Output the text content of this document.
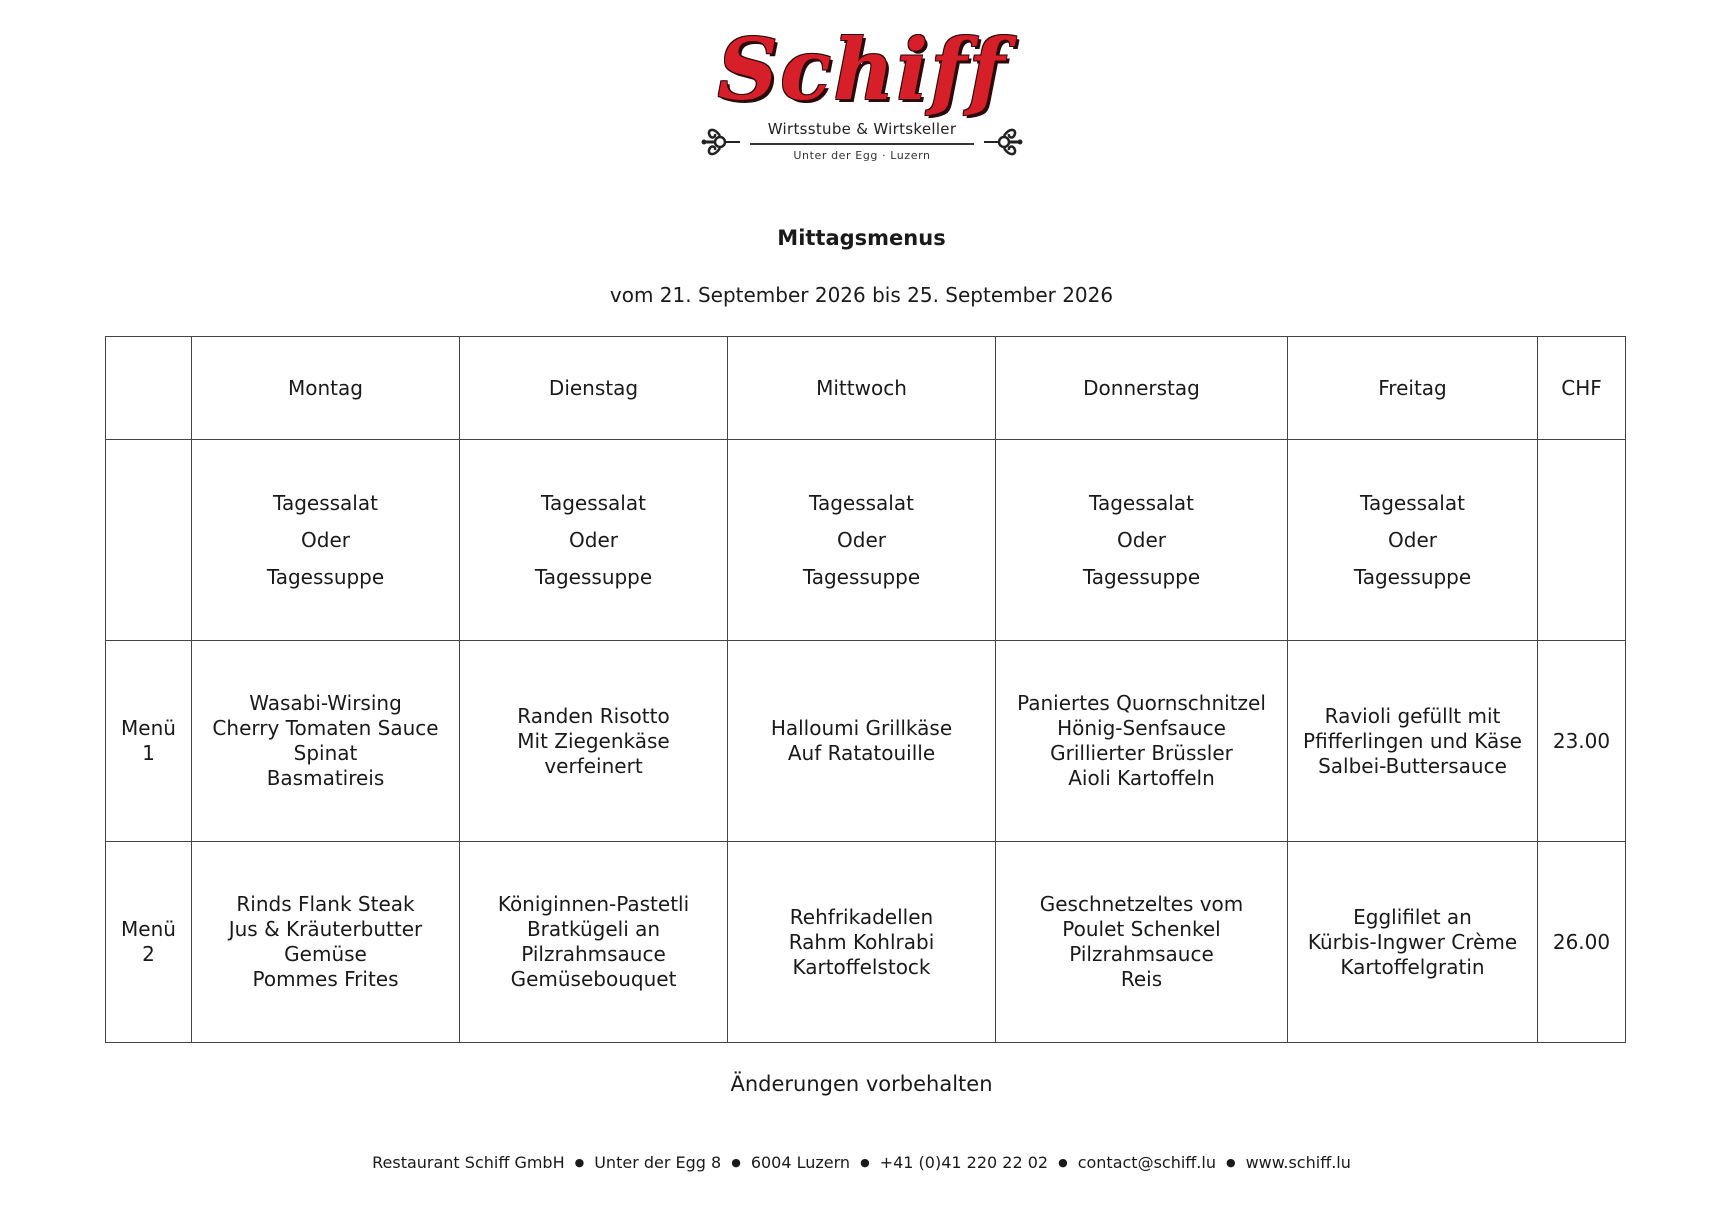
Schiff
Wirtsstube & Wirtskeller
Unter der Egg · Luzern
Mittagsmenus
vom 21. September 2026 bis 25. September 2026
	Montag	Dienstag	Mittwoch	Donnerstag	Freitag	CHF

	Tagessalat
Oder
Tagessuppe	Tagessalat
Oder
Tagessuppe	Tagessalat
Oder
Tagessuppe	Tagessalat
Oder
Tagessuppe	Tagessalat
Oder
Tagessuppe	

Menü
1	Wasabi-Wirsing
Cherry Tomaten Sauce
Spinat
Basmatireis	Randen Risotto
Mit Ziegenkäse
verfeinert	Halloumi Grillkäse
Auf Ratatouille	Paniertes Quornschnitzel
Hönig-Senfsauce
Grillierter Brüssler
Aioli Kartoffeln	Ravioli gefüllt mit
Pfifferlingen und Käse
Salbei-Buttersauce	23.00

Menü
2	Rinds Flank Steak
Jus & Kräuterbutter
Gemüse
Pommes Frites	Königinnen-Pastetli
Bratkügeli an
Pilzrahmsauce
Gemüsebouquet	Rehfrikadellen
Rahm Kohlrabi
Kartoffelstock	Geschnetzeltes vom
Poulet Schenkel
Pilzrahmsauce
Reis	Egglifilet an
Kürbis-Ingwer Crème
Kartoffelgratin	26.00
Änderungen vorbehalten
Restaurant Schiff GmbH ● Unter der Egg 8 ● 6004 Luzern ● +41 (0)41 220 22 02 ● contact@schiff.lu ● www.schiff.lu
